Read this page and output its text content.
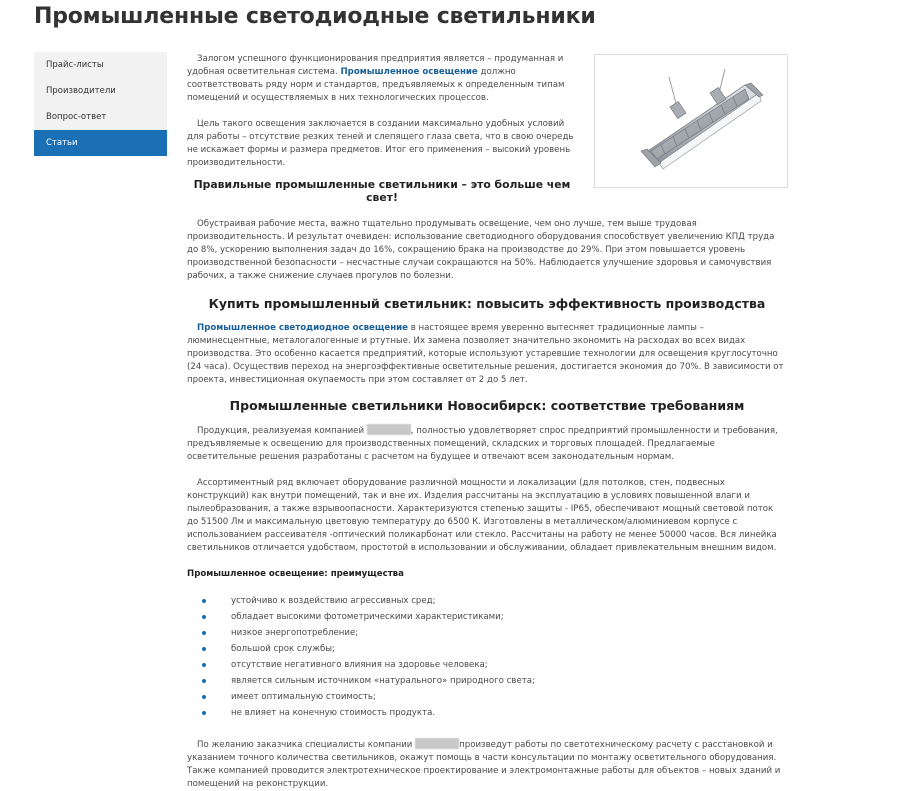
Промышленные светодиодные светильники
Прайс-листы
Производители
Вопрос-ответ
Статьи

Залогом успешного функционирования предприятия является – продуманная и удобная осветительная система. Промышленное освещение должно соответствовать ряду норм и стандартов, предъявляемых к определенным типам помещений и осуществляемых в них технологических процессов.

Цель такого освещения заключается в создании максимально удобных условий для работы – отсутствие резких теней и слепящего глаза света, что в свою очередь не искажает формы и размера предметов. Итог его применения – высокий уровень производительности.

Правильные промышленные светильники – это больше чем свет!

Обустраивая рабочие места, важно тщательно продумывать освещение, чем оно лучше, тем выше трудовая производительность. И результат очевиден: использование светодиодного оборудования способствует увеличению КПД труда до 8%, ускорению выполнения задач до 16%, сокращению брака на производстве до 29%. При этом повышается уровень производственной безопасности – несчастные случаи сокращаются на 50%. Наблюдается улучшение здоровья и самочувствия рабочих, а также снижение случаев прогулов по болезни.

Купить промышленный светильник: повысить эффективность производства

Промышленное светодиодное освещение в настоящее время уверенно вытесняет традиционные лампы – люминесцентные, металогалогенные и ртутные. Их замена позволяет значительно экономить на расходах во всех видах производства. Это особенно касается предприятий, которые используют устаревшие технологии для освещения круглосуточно (24 часа). Осуществив переход на энергоэффективные осветительные решения, достигается экономия до 70%. В зависимости от проекта, инвестиционная окупаемость при этом составляет от 2 до 5 лет.

Промышленные светильники Новосибирск: соответствие требованиям

Продукция, реализуемая компанией	, полностью удовлетворяет спрос предприятий промышленности и требования, предъявляемые к освещению для производственных помещений, складских и торговых площадей. Предлагаемые осветительные решения разработаны с расчетом на будущее и отвечают всем законодательным нормам.

Ассортиментный ряд включает оборудование различной мощности и локализации (для потолков, стен, подвесных конструкций) как внутри помещений, так и вне их. Изделия рассчитаны на эксплуатацию в условиях повышенной влаги и пылеобразования, а также взрывоопасности. Характеризуются степенью защиты - IP65, обеспечивают мощный световой поток до 51500 Лм и максимальную цветовую температуру до 6500 К. Изготовлены в металлическом/алюминиевом корпусе с использованием рассеивателя -оптический поликарбонат или стекло. Рассчитаны на работу не менее 50000 часов. Вся линейка светильников отличается удобством, простотой в использовании и обслуживании, обладает привлекательным внешним видом.

Промышленное освещение: преимущества

устойчиво к воздействию агрессивных сред;
обладает высокими фотометрическими характеристиками;
низкое энергопотребление;
большой срок службы;
отсутствие негативного влияния на здоровье человека;
является сильным источником «натурального» природного света;
имеет оптимальную стоимость;
не влияет на конечную стоимость продукта.

По желанию заказчика специалисты компании	произведут работы по светотехническому расчету с расстановкой и указанием точного количества светильников, окажут помощь в части консультации по монтажу осветительного оборудования. Также компанией проводится электротехническое проектирование и электромонтажные работы для объектов – новых зданий и помещений на реконструкции.
